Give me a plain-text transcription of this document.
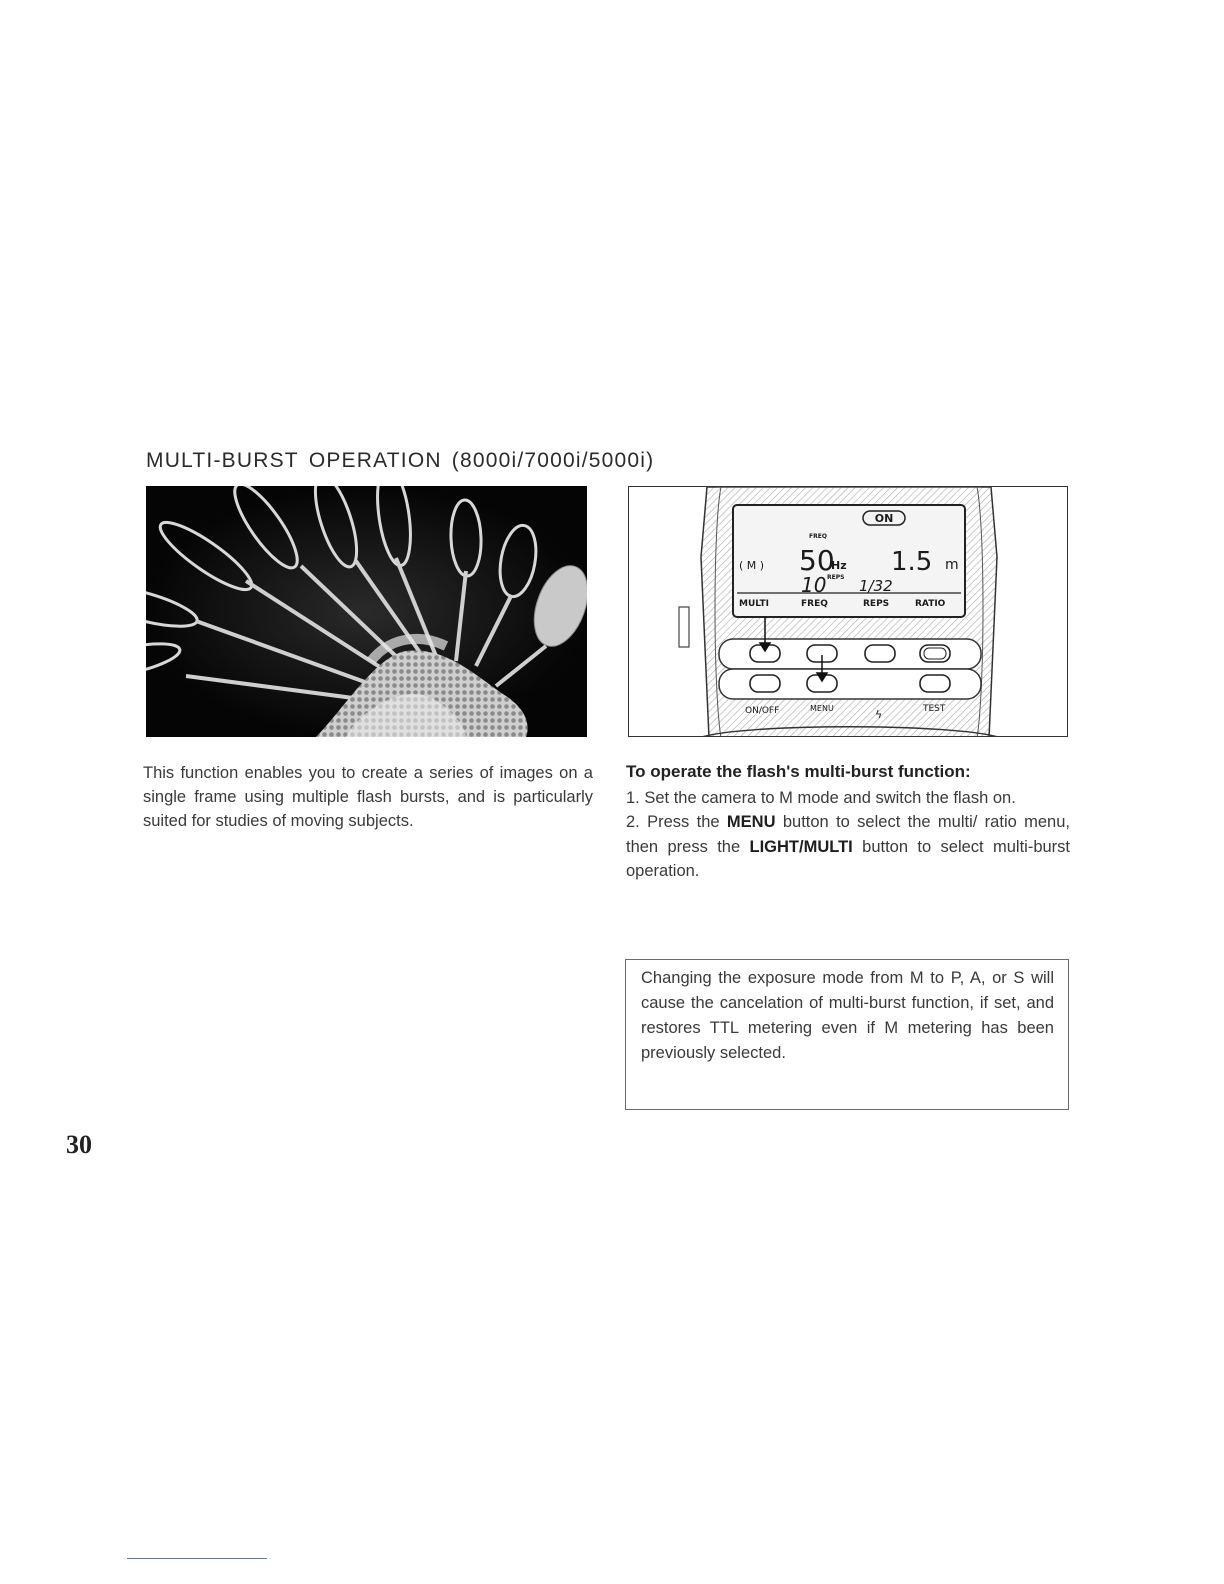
MULTI-BURST OPERATION (8000i/7000i/5000i)
ON
FREQ
( M ) 50
Hz 1.5 m
10 REPS 1/32
MULTI	FREQ	REPS	RATIO
ON/OFF	MENU	ϟ	TEST

This function enables you to create a series of images on a single frame using multiple flash bursts, and is particularly suited for studies of moving subjects.

To operate the flash's multi-burst function:

1. Set the camera to M mode and switch the flash on.

2. Press the MENU button to select the multi/ ratio menu, then press the LIGHT/MULTI button to select multi-burst operation.

Changing the exposure mode from M to P, A, or S will cause the cancelation of multi-burst function, if set, and restores TTL metering even if M metering has been previously selected.

30
